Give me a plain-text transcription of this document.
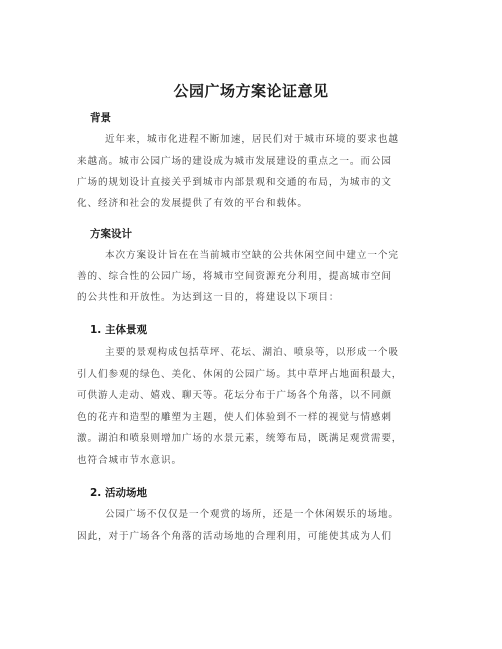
公园广场方案论证意见
背景
近年来，城市化进程不断加速，居民们对于城市环境的要求也越
来越高。城市公园广场的建设成为城市发展建设的重点之一。而公园
广场的规划设计直接关乎到城市内部景观和交通的布局，为城市的文
化、经济和社会的发展提供了有效的平台和载体。
方案设计
本次方案设计旨在在当前城市空缺的公共休闲空间中建立一个完
善的、综合性的公园广场，将城市空间资源充分利用，提高城市空间
的公共性和开放性。为达到这一目的，将建设以下项目：
1. 主体景观
主要的景观构成包括草坪、花坛、湖泊、喷泉等，以形成一个吸
引人们参观的绿色、美化、休闲的公园广场。其中草坪占地面积最大，
可供游人走动、嬉戏、聊天等。花坛分布于广场各个角落，以不同颜
色的花卉和造型的雕塑为主题，使人们体验到不一样的视觉与情感刺
激。湖泊和喷泉则增加广场的水景元素，统筹布局，既满足观赏需要，
也符合城市节水意识。
2. 活动场地
公园广场不仅仅是一个观赏的场所，还是一个休闲娱乐的场地。
因此，对于广场各个角落的活动场地的合理利用，可能使其成为人们
